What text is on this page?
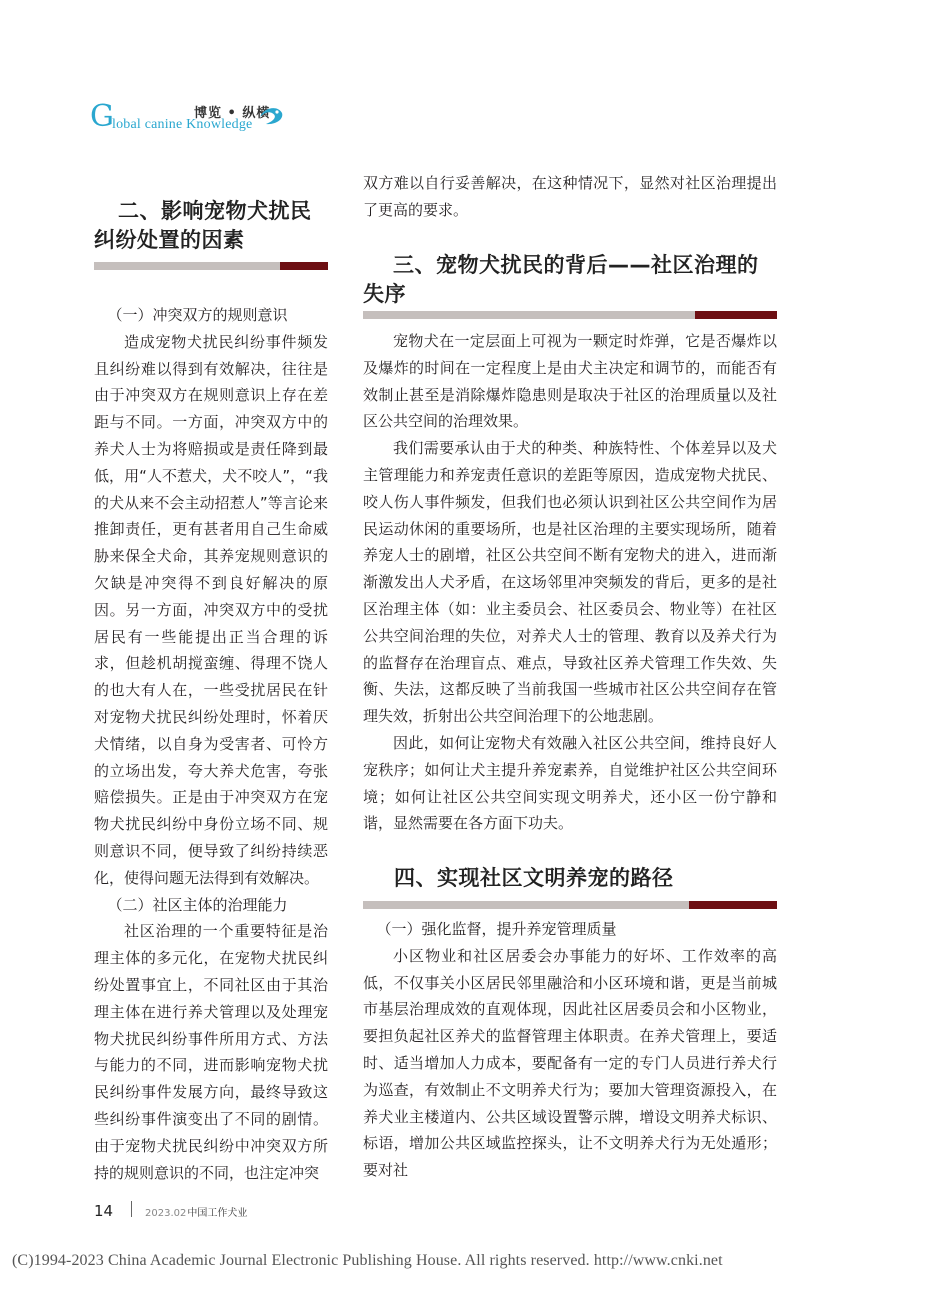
G
lobal canine Knowledge
博览 • 纵横
二、影响宠物犬扰民
纠纷处置的因素

（一）冲突双方的规则意识

造成宠物犬扰民纠纷事件频发且纠纷难以得到有效解决，往往是由于冲突双方在规则意识上存在差距与不同。一方面，冲突双方中的养犬人士为将赔损或是责任降到最低，用“人不惹犬，犬不咬人”，“我的犬从来不会主动招惹人”等言论来推卸责任，更有甚者用自己生命威胁来保全犬命，其养宠规则意识的欠缺是冲突得不到良好解决的原因。另一方面，冲突双方中的受扰居民有一些能提出正当合理的诉求，但趁机胡搅蛮缠、得理不饶人的也大有人在，一些受扰居民在针对宠物犬扰民纠纷处理时，怀着厌犬情绪，以自身为受害者、可怜方的立场出发，夸大养犬危害，夸张赔偿损失。正是由于冲突双方在宠物犬扰民纠纷中身份立场不同、规则意识不同，便导致了纠纷持续恶化，使得问题无法得到有效解决。

（二）社区主体的治理能力

社区治理的一个重要特征是治理主体的多元化，在宠物犬扰民纠纷处置事宜上，不同社区由于其治理主体在进行养犬管理以及处理宠物犬扰民纠纷事件所用方式、方法与能力的不同，进而影响宠物犬扰民纠纷事件发展方向，最终导致这些纠纷事件演变出了不同的剧情。由于宠物犬扰民纠纷中冲突双方所持的规则意识的不同，也注定冲突

双方难以自行妥善解决，在这种情况下，显然对社区治理提出了更高的要求。

三、宠物犬扰民的背后——社区治理的
失序

宠物犬在一定层面上可视为一颗定时炸弹，它是否爆炸以及爆炸的时间在一定程度上是由犬主决定和调节的，而能否有效制止甚至是消除爆炸隐患则是取决于社区的治理质量以及社区公共空间的治理效果。

我们需要承认由于犬的种类、种族特性、个体差异以及犬主管理能力和养宠责任意识的差距等原因，造成宠物犬扰民、咬人伤人事件频发，但我们也必须认识到社区公共空间作为居民运动休闲的重要场所，也是社区治理的主要实现场所，随着养宠人士的剧增，社区公共空间不断有宠物犬的进入，进而渐渐激发出人犬矛盾，在这场邻里冲突频发的背后，更多的是社区治理主体（如：业主委员会、社区委员会、物业等）在社区公共空间治理的失位，对养犬人士的管理、教育以及养犬行为的监督存在治理盲点、难点，导致社区养犬管理工作失效、失衡、失法，这都反映了当前我国一些城市社区公共空间存在管理失效，折射出公共空间治理下的公地悲剧。

因此，如何让宠物犬有效融入社区公共空间，维持良好人宠秩序；如何让犬主提升养宠素养，自觉维护社区公共空间环境；如何让社区公共空间实现文明养犬，还小区一份宁静和谐，显然需要在各方面下功夫。

四、实现社区文明养宠的路径

（一）强化监督，提升养宠管理质量

小区物业和社区居委会办事能力的好坏、工作效率的高低，不仅事关小区居民邻里融洽和小区环境和谐，更是当前城市基层治理成效的直观体现，因此社区居委员会和小区物业，要担负起社区养犬的监督管理主体职责。在养犬管理上，要适时、适当增加人力成本，要配备有一定的专门人员进行养犬行为巡查，有效制止不文明养犬行为；要加大管理资源投入，在养犬业主楼道内、公共区域设置警示牌，增设文明养犬标识、标语，增加公共区域监控探头，让不文明养犬行为无处遁形；要对社

14	2023.02中国工作犬业
(C)1994-2023 China Academic Journal Electronic Publishing House. All rights reserved. http://www.cnki.net
